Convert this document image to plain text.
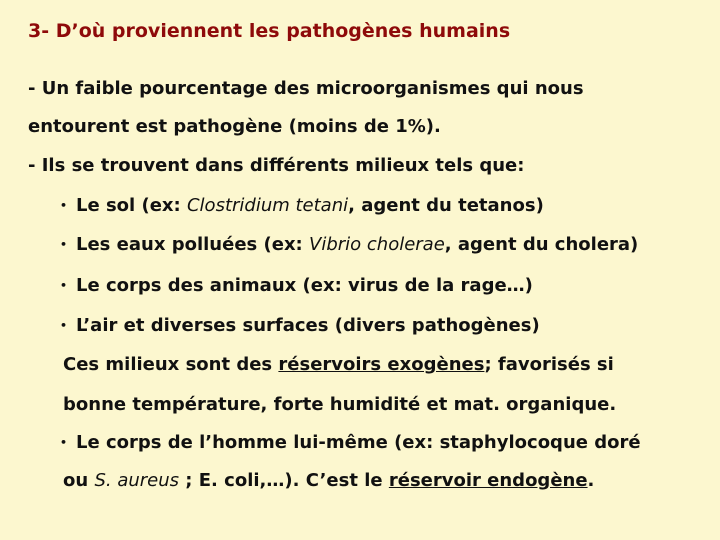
3- D’où proviennent les pathogènes humains
- Un faible pourcentage des microorganismes qui nous
entourent est pathogène (moins de 1%).
- Ils se trouvent dans différents milieux tels que:
• Le sol (ex: Clostridium tetani, agent du tetanos)
• Les eaux polluées (ex: Vibrio cholerae, agent du cholera)
• Le corps des animaux (ex: virus de la rage…)
• L’air et diverses surfaces (divers pathogènes)
Ces milieux sont des réservoirs exogènes; favorisés si
bonne température, forte humidité et mat. organique.
• Le corps de l’homme lui-même (ex: staphylocoque doré
ou S. aureus ; E. coli,…). C’est le réservoir endogène.
